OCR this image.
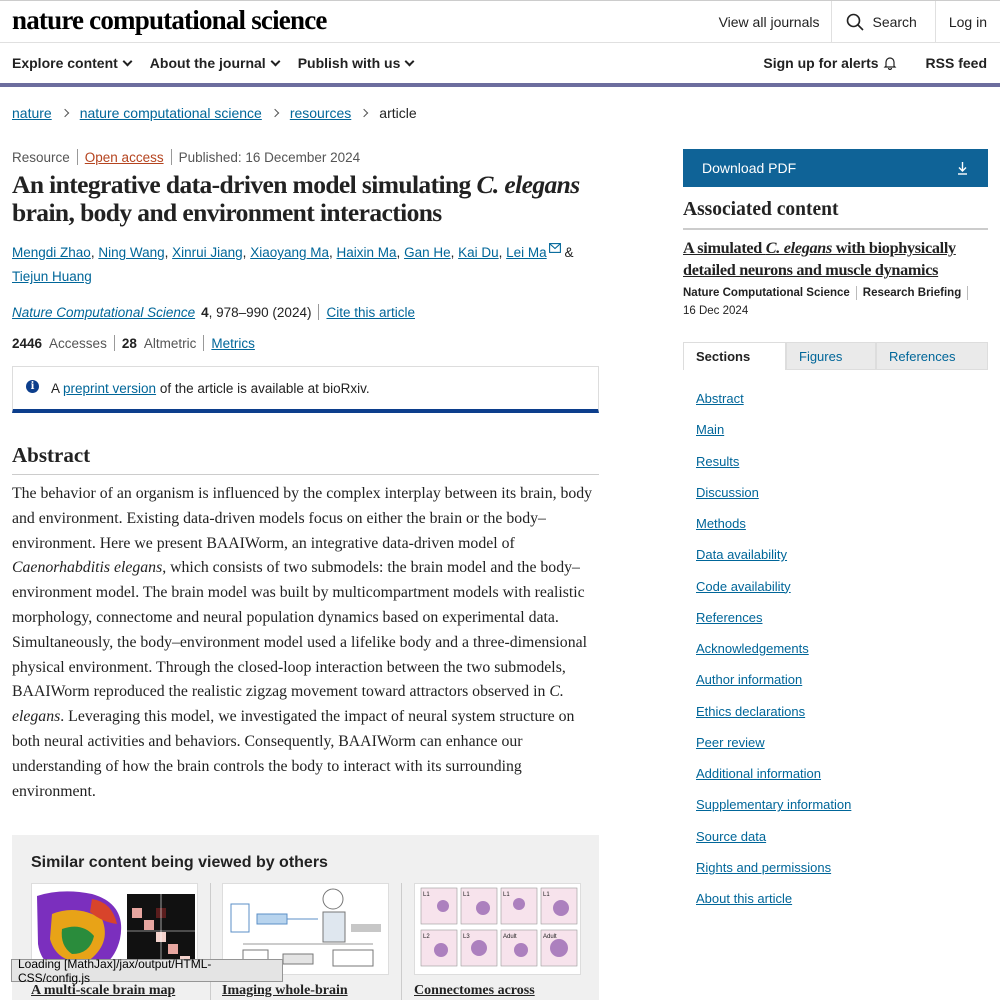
nature computational science	View all journals	Search	Log in
Explore content About the journal Publish with us	Sign up for alerts	RSS feed
nature nature computational science resources article
Resource Open access Published: 16 December 2024
An integrative data-driven model simulating C. elegans brain, body and environment interactions
Mengdi Zhao, Ning Wang, Xinrui Jiang, Xiaoyang Ma, Haixin Ma, Gan He, Kai Du, Lei Ma & Tiejun Huang
Nature Computational Science 4 , 978–990 (2024) Cite this article
2446 Accesses 28 Altmetric Metrics
i	A preprint version of the article is available at bioRxiv.
Abstract

The behavior of an organism is influenced by the complex interplay between its brain, body and environment. Existing data-driven models focus on either the brain or the body–environment. Here we present BAAIWorm, an integrative data-driven model of Caenorhabditis elegans, which consists of two submodels: the brain model and the body–environment model. The brain model was built by multicompartment models with realistic morphology, connectome and neural population dynamics based on experimental data. Simultaneously, the body–environment model used a lifelike body and a three-dimensional physical environment. Through the closed-loop interaction between the two submodels, BAAIWorm reproduced the realistic zigzag movement toward attractors observed in C. elegans. Leveraging this model, we investigated the impact of neural system structure on both neural activities and behaviors. Consequently, BAAIWorm can enhance our understanding of how the brain controls the body to interact with its surrounding environment.

Similar content being viewed by others
A multi-scale brain map	Imaging whole-brain
L1	L1	L1	L1
L2	L3	Adult	Adult
Connectomes across
Loading [MathJax]/jax/output/HTML-CSS/config.js
Download PDF
Associated content
A simulated C. elegans with biophysically detailed neurons and muscle dynamics
Nature Computational Science Research Briefing
16 Dec 2024
Sections	Figures	References
Abstract
Main
Results
Discussion
Methods
Data availability
Code availability
References
Acknowledgements
Author information
Ethics declarations
Peer review
Additional information
Supplementary information
Source data
Rights and permissions
About this article
